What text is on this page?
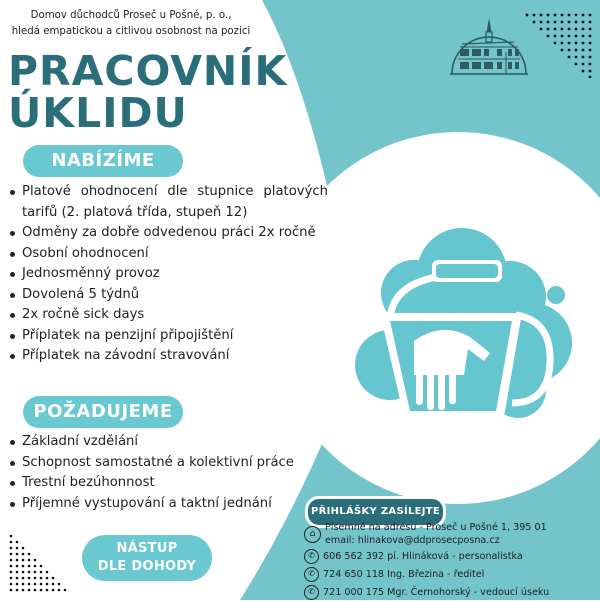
Domov důchodců Proseč u Pošné, p. o.,
hledá empatickou a citlivou osobnost na pozici
PRACOVNÍK
ÚKLIDU
NABÍZÍME
Platové ohodnocení dle stupnice platových tarifů (2. platová třída, stupeň 12)
Odměny za dobře odvedenou práci 2x ročně
Osobní ohodnocení
Jednosměnný provoz
Dovolená 5 týdnů
2x ročně sick days
Příplatek na penzijní připojištění
Příplatek na závodní stravování
POŽADUJEME
Základní vzdělání
Schopnost samostatné a kolektivní práce
Trestní bezúhonnost
Příjemné vystupování a taktní jednání
NÁSTUP
DLE DOHODY
PŘIHLÁŠKY ZASÍLEJTE
⌂
Písemně na adresu - Proseč u Pošné 1, 395 01
email: hlinakova@ddprosecposna.cz
✆ 606 562 392 pí. Hlináková - personalistka
✆ 724 650 118 Ing. Březina - ředitel
✆ 721 000 175 Mgr. Černohorský - vedoucí úseku
